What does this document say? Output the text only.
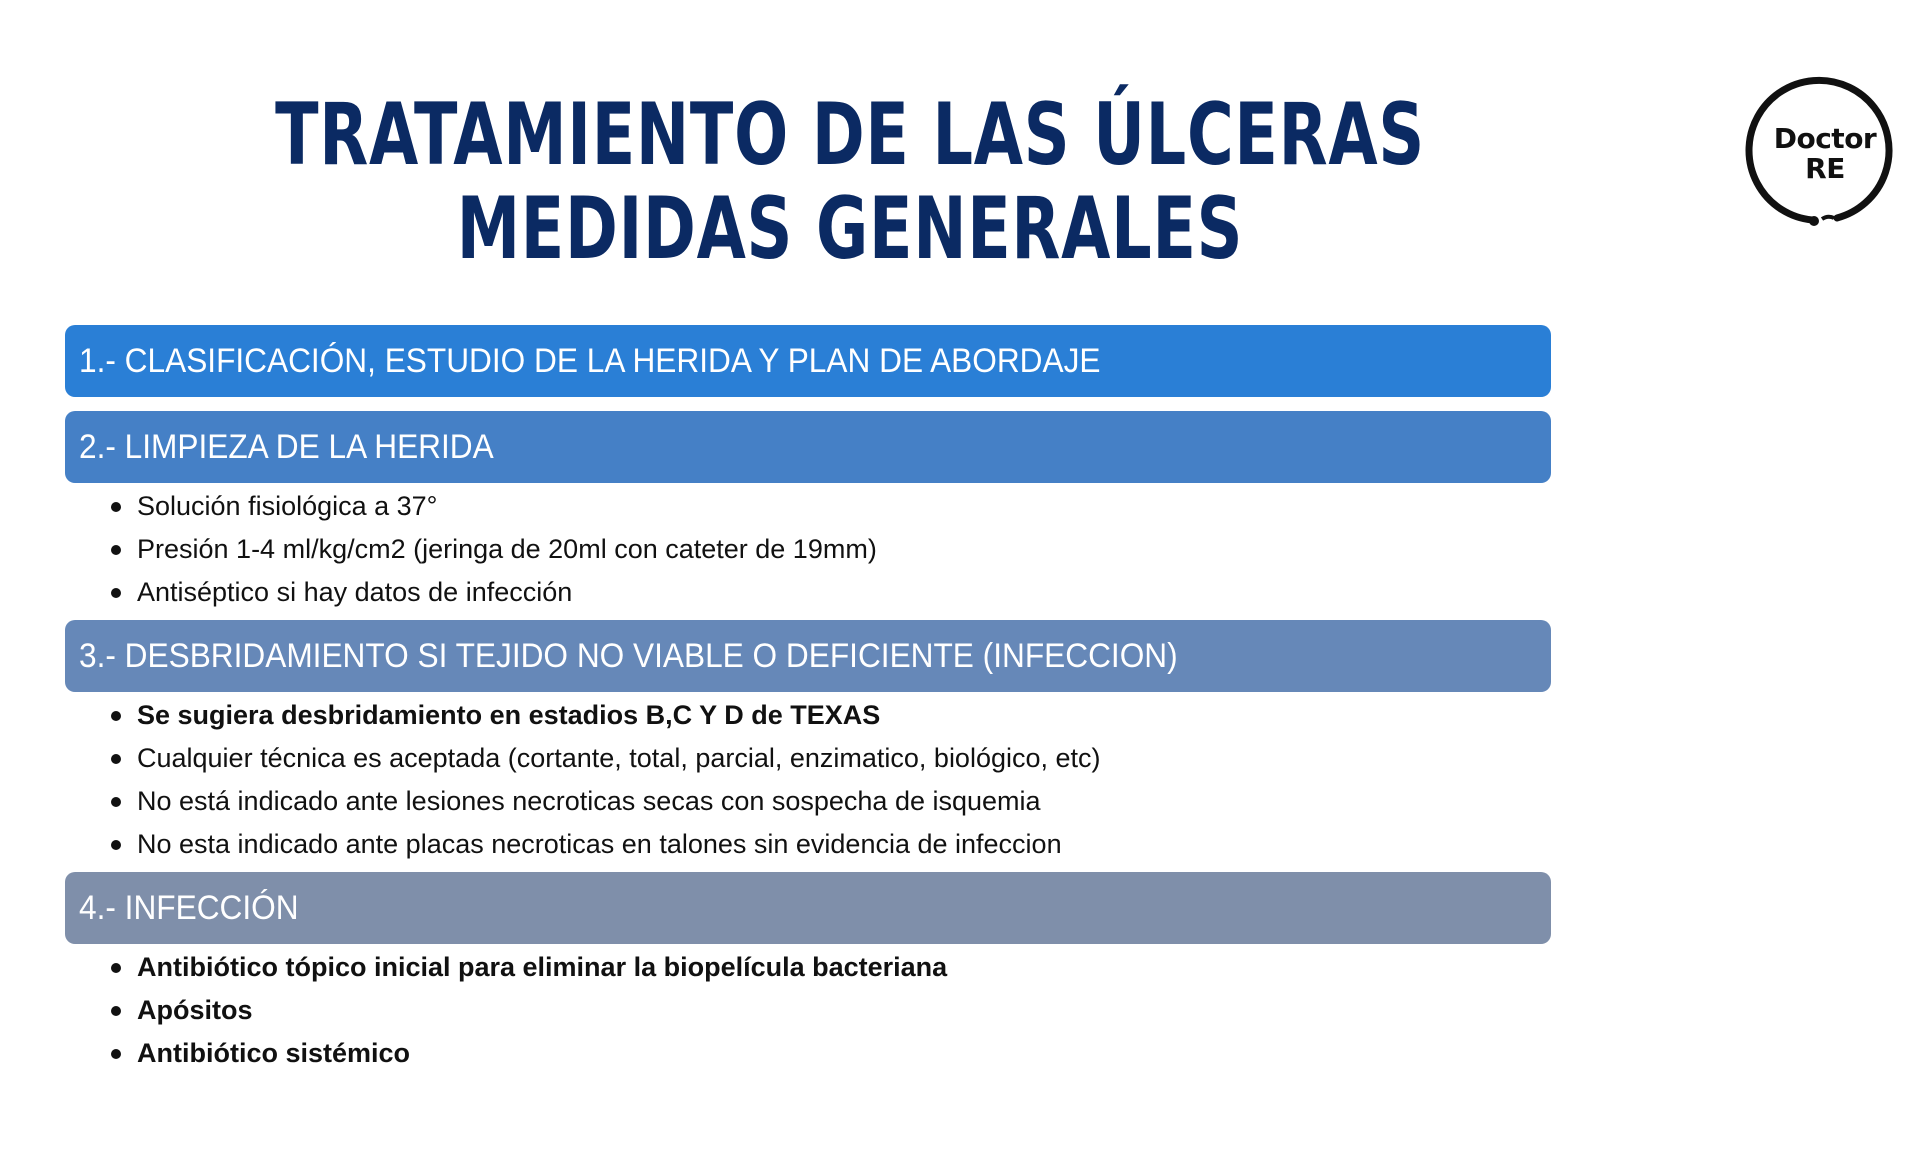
TRATAMIENTO DE LAS ÚLCERAS
MEDIDAS GENERALES
Doctor
RE
1.- CLASIFICACIÓN, ESTUDIO DE LA HERIDA Y PLAN DE ABORDAJE
2.- LIMPIEZA DE LA HERIDA
Solución fisiológica a 37°
Presión 1-4 ml/kg/cm2 (jeringa de 20ml con cateter de 19mm)
Antiséptico si hay datos de infección
3.- DESBRIDAMIENTO SI TEJIDO NO VIABLE O DEFICIENTE (INFECCION)
Se sugiera desbridamiento en estadios B,C Y D de TEXAS
Cualquier técnica es aceptada (cortante, total, parcial, enzimatico, biológico, etc)
No está indicado ante lesiones necroticas secas con sospecha de isquemia
No esta indicado ante placas necroticas en talones sin evidencia de infeccion
4.- INFECCIÓN
Antibiótico tópico inicial para eliminar la biopelícula bacteriana
Apósitos
Antibiótico sistémico
